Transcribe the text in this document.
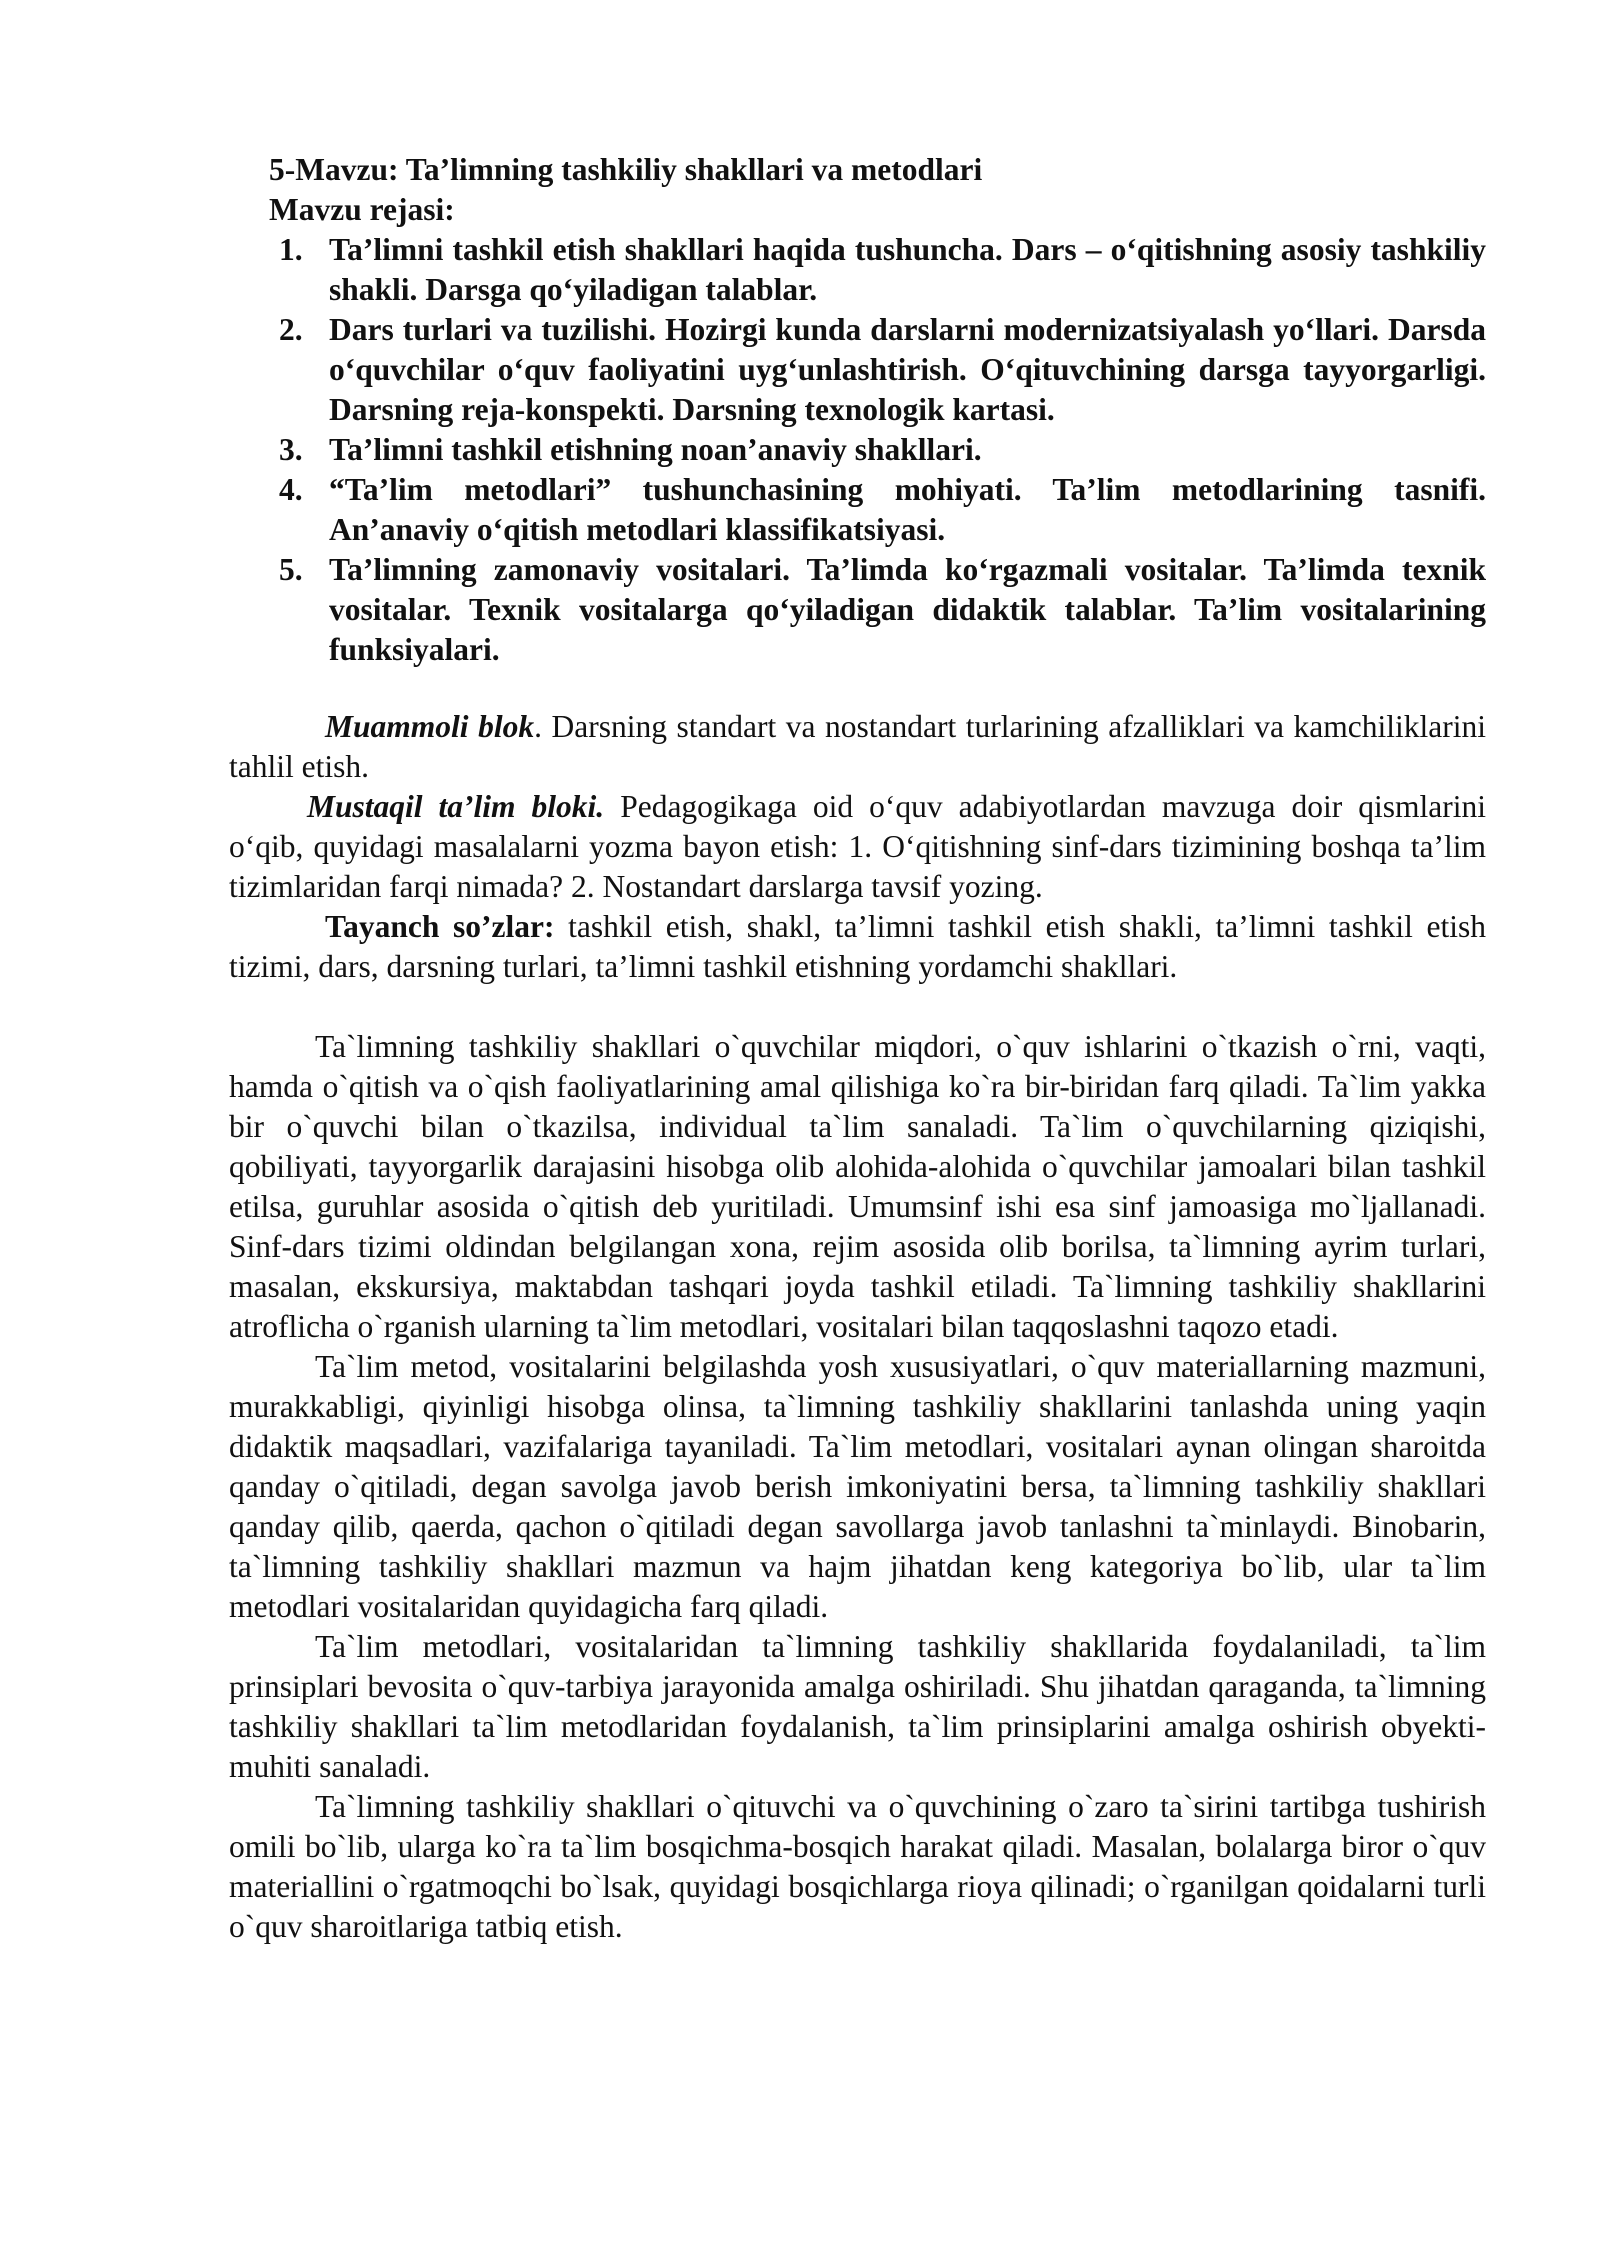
5-Mavzu: Ta’limning tashkiliy shakllari va metodlari

Mavzu rejasi:

1. Ta’limni tashkil etish shakllari haqida tushuncha. Dars – o‘qitishning asosiy tashkiliy shakli. Darsga qo‘yiladigan talablar.
2. Dars turlari va tuzilishi. Hozirgi kunda darslarni modernizatsiyalash yo‘llari. Darsda o‘quvchilar o‘quv faoliyatini uyg‘unlashtirish. O‘qituvchining darsga tayyorgarligi. Darsning reja-konspekti. Darsning texnologik kartasi.
3. Ta’limni tashkil etishning noan’anaviy shakllari.
4. “Ta’lim metodlari” tushunchasining mohiyati. Ta’lim metodlarining tasnifi. An’anaviy o‘qitish metodlari klassifikatsiyasi.
5. Ta’limning zamonaviy vositalari. Ta’limda ko‘rgazmali vositalar. Ta’limda texnik vositalar. Texnik vositalarga qo‘yiladigan didaktik talablar. Ta’lim vositalarining funksiyalari.

Muammoli blok. Darsning standart va nostandart turlarining afzalliklari va kamchiliklarini tahlil etish.

Mustaqil ta’lim bloki. Pedagogikaga oid o‘quv adabiyotlardan mavzuga doir qismlarini o‘qib, quyidagi masalalarni yozma bayon etish: 1. O‘qitishning sinf-dars tizimining boshqa ta’lim tizimlaridan farqi nimada? 2. Nostandart darslarga tavsif yozing.

Tayanch so’zlar: tashkil etish, shakl, ta’limni tashkil etish shakli, ta’limni tashkil etish tizimi, dars, darsning turlari, ta’limni tashkil etishning yordamchi shakllari.

Ta`limning tashkiliy shakllari o`quvchilar miqdori, o`quv ishlarini o`tkazish o`rni, vaqti, hamda o`qitish va o`qish faoliyatlarining amal qilishiga ko`ra bir-biridan farq qiladi. Ta`lim yakka bir o`quvchi bilan o`tkazilsa, individual ta`lim sanaladi. Ta`lim o`quvchilarning qiziqishi, qobiliyati, tayyorgarlik darajasini hisobga olib alohida-alohida o`quvchilar jamoalari bilan tashkil etilsa, guruhlar asosida o`qitish deb yuritiladi. Umumsinf ishi esa sinf jamoasiga mo`ljallanadi. Sinf-dars tizimi oldindan belgilangan xona, rejim asosida olib borilsa, ta`limning ayrim turlari, masalan, ekskursiya, maktabdan tashqari joyda tashkil etiladi. Ta`limning tashkiliy shakllarini atroflicha o`rganish ularning ta`lim metodlari, vositalari bilan taqqoslashni taqozo etadi.

Ta`lim metod, vositalarini belgilashda yosh xususiyatlari, o`quv materiallarning mazmuni, murakkabligi, qiyinligi hisobga olinsa, ta`limning tashkiliy shakllarini tanlashda uning yaqin didaktik maqsadlari, vazifalariga tayaniladi. Ta`lim metodlari, vositalari aynan olingan sharoitda qanday o`qitiladi, degan savolga javob berish imkoniyatini bersa, ta`limning tashkiliy shakllari qanday qilib, qaerda, qachon o`qitiladi degan savollarga javob tanlashni ta`minlaydi. Binobarin, ta`limning tashkiliy shakllari mazmun va hajm jihatdan keng kategoriya bo`lib, ular ta`lim metodlari vositalaridan quyidagicha farq qiladi.

Ta`lim metodlari, vositalaridan ta`limning tashkiliy shakllarida foydalaniladi, ta`lim prinsiplari bevosita o`quv-tarbiya jarayonida amalga oshiriladi. Shu jihatdan qaraganda, ta`limning tashkiliy shakllari ta`lim metodlaridan foydalanish, ta`lim prinsiplarini amalga oshirish obyekti-muhiti sanaladi.

Ta`limning tashkiliy shakllari o`qituvchi va o`quvchining o`zaro ta`sirini tartibga tushirish omili bo`lib, ularga ko`ra ta`lim bosqichma-bosqich harakat qiladi. Masalan, bolalarga biror o`quv materiallini o`rgatmoqchi bo`lsak, quyidagi bosqichlarga rioya qilinadi; o`rganilgan qoidalarni turli o`quv sharoitlariga tatbiq etish.
